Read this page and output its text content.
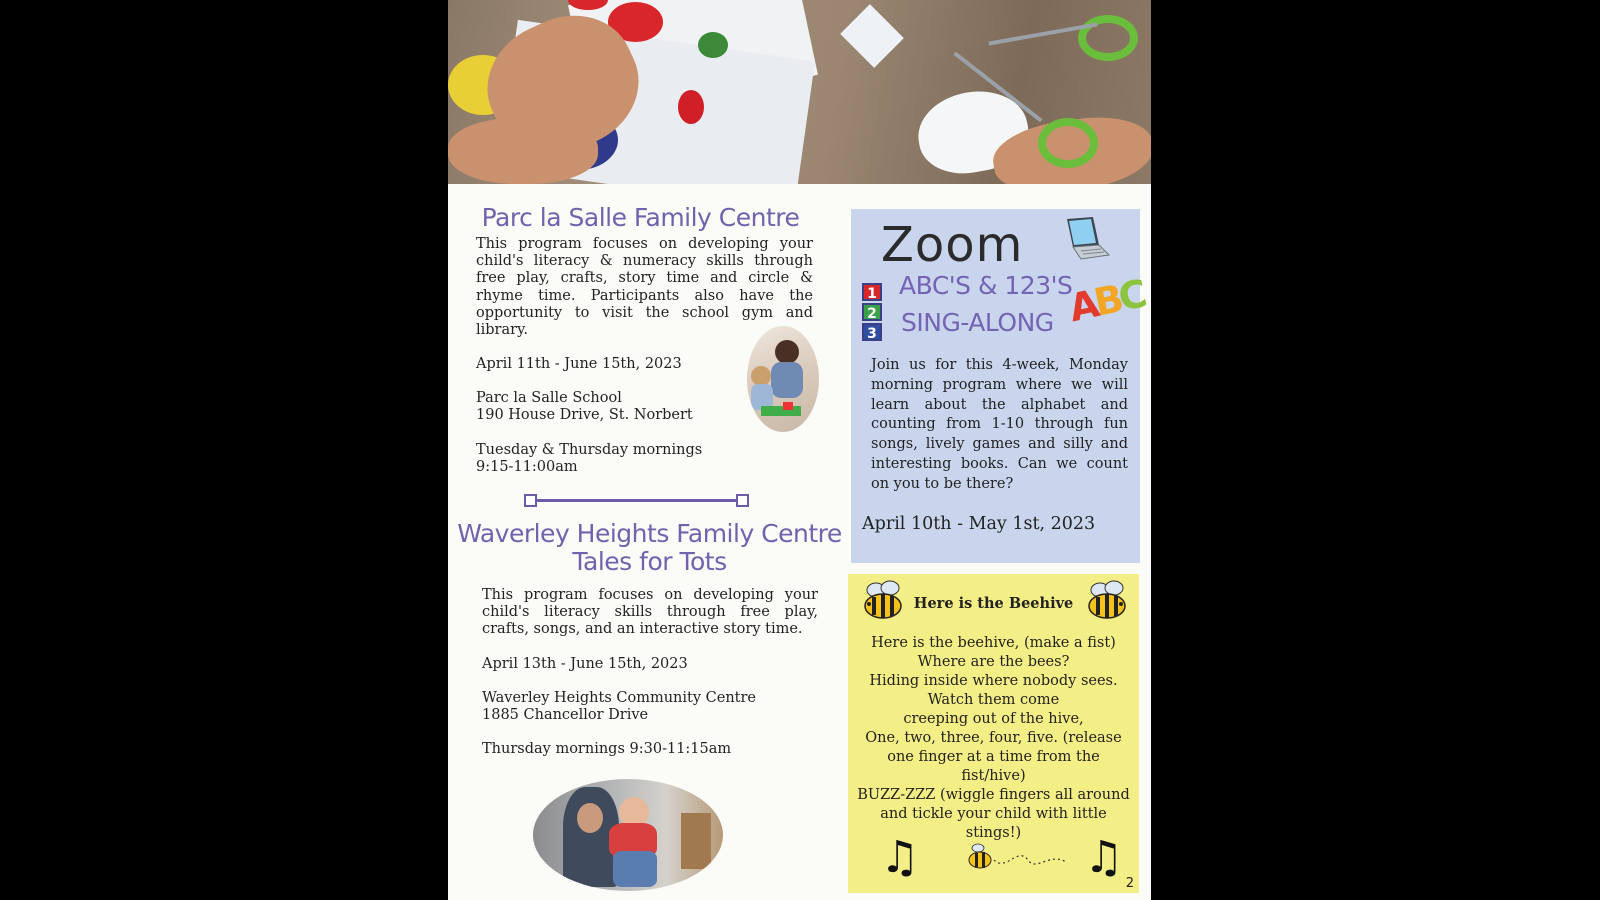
Parc la Salle Family Centre

This program focuses on developing your child's literacy & numeracy skills through free play, crafts, story time and circle & rhyme time. Participants also have the opportunity to visit the school gym and library.

April 11th - June 15th, 2023
Parc la Salle School
190 House Drive, St. Norbert
Tuesday & Thursday mornings
9:15-11:00am
Waverley Heights Family Centre
Tales for Tots

This program focuses on developing your child's literacy skills through free play, crafts, songs, and an interactive story time.

April 13th - June 15th, 2023
Waverley Heights Community Centre
1885 Chancellor Drive
Thursday mornings 9:30-11:15am
Zoom
1
2
3
ABC'S & 123'S
SING-ALONG ABC

Join us for this 4-week, Monday morning program where we will learn about the alphabet and counting from 1-10 through fun songs, lively games and silly and interesting books. Can we count on you to be there?

April 10th - May 1st, 2023
Here is the Beehive
Here is the beehive, (make a fist)
Where are the bees?
Hiding inside where nobody sees.
Watch them come
creeping out of the hive,
One, two, three, four, five. (release
one finger at a time from the
fist/hive)
BUZZ-ZZZ (wiggle fingers all around
and tickle your child with little
stings!)
♫	♫
2
